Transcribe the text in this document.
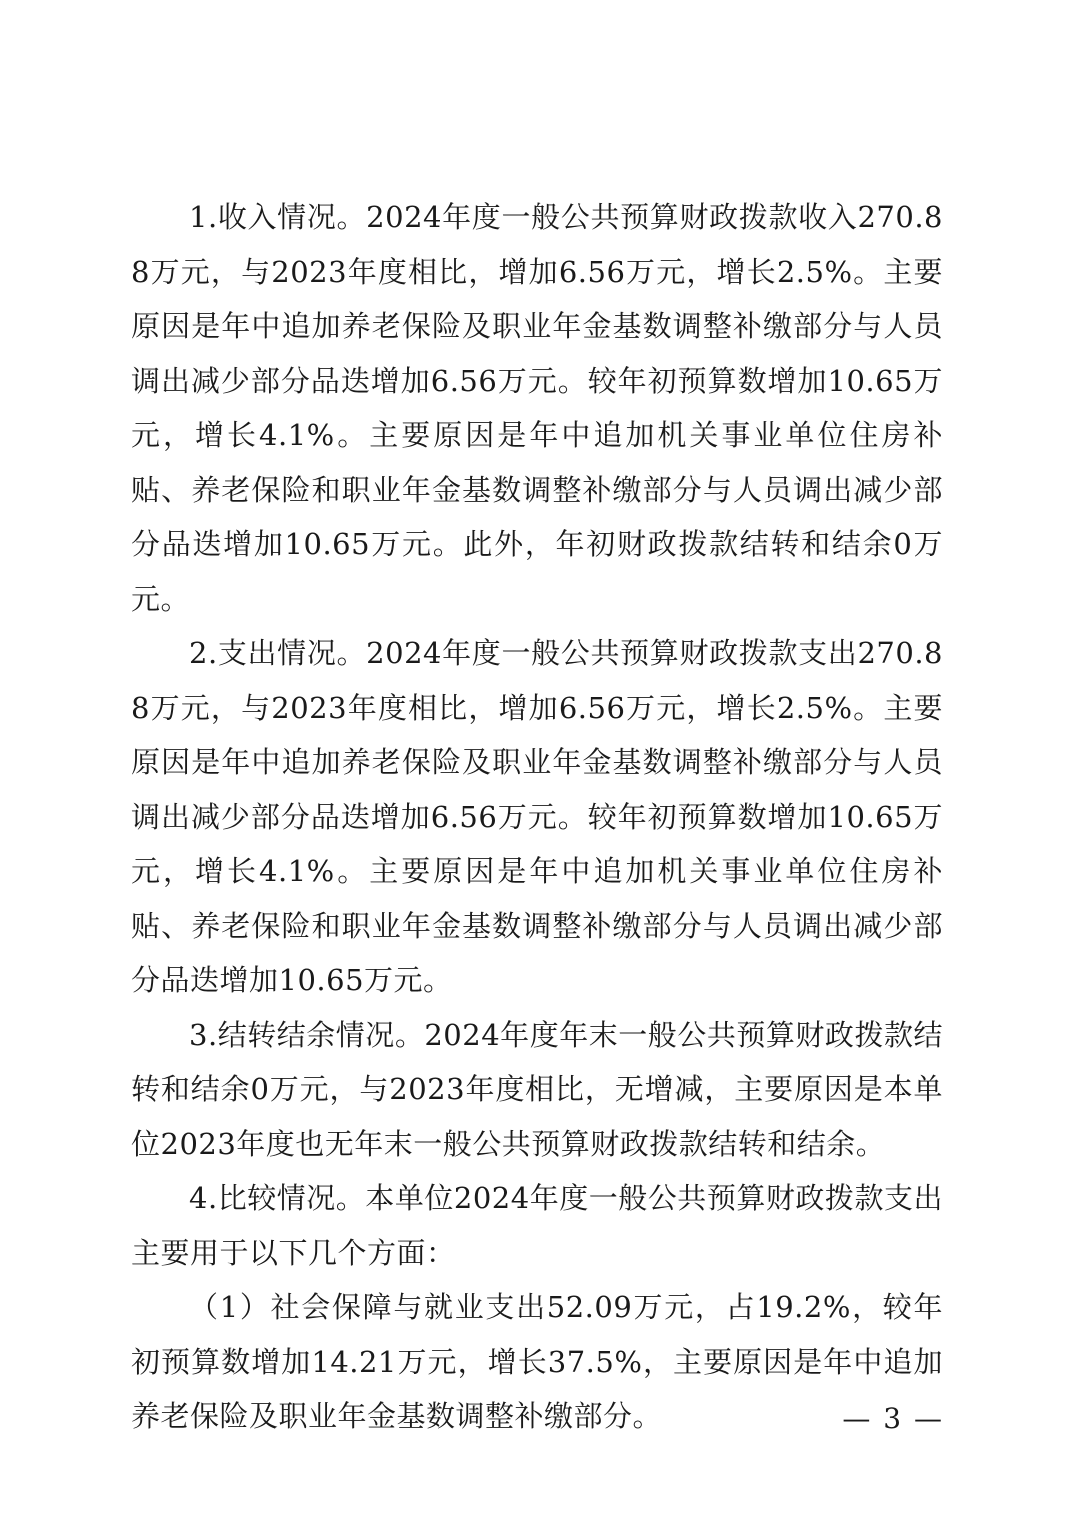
1.收入情况。2024年度一般公共预算财政拨款收入270.88万元，与2023年度相比，增加6.56万元，增长2.5%。主要原因是年中追加养老保险及职业年金基数调整补缴部分与人员调出减少部分品迭增加6.56万元。较年初预算数增加10.65万元，增长4.1%。主要原因是年中追加机关事业单位住房补贴、养老保险和职业年金基数调整补缴部分与人员调出减少部分品迭增加10.65万元。此外，年初财政拨款结转和结余0万元。

2.支出情况。2024年度一般公共预算财政拨款支出270.88万元，与2023年度相比，增加6.56万元，增长2.5%。主要原因是年中追加养老保险及职业年金基数调整补缴部分与人员调出减少部分品迭增加6.56万元。较年初预算数增加10.65万元，增长4.1%。主要原因是年中追加机关事业单位住房补贴、养老保险和职业年金基数调整补缴部分与人员调出减少部分品迭增加10.65万元。

3.结转结余情况。2024年度年末一般公共预算财政拨款结转和结余0万元，与2023年度相比，无增减，主要原因是本单位2023年度也无年末一般公共预算财政拨款结转和结余。

4.比较情况。本单位2024年度一般公共预算财政拨款支出主要用于以下几个方面：

（1）社会保障与就业支出52.09万元，占19.2%，较年初预算数增加14.21万元，增长37.5%，主要原因是年中追加养老保险及职业年金基数调整补缴部分。	— 3 —
